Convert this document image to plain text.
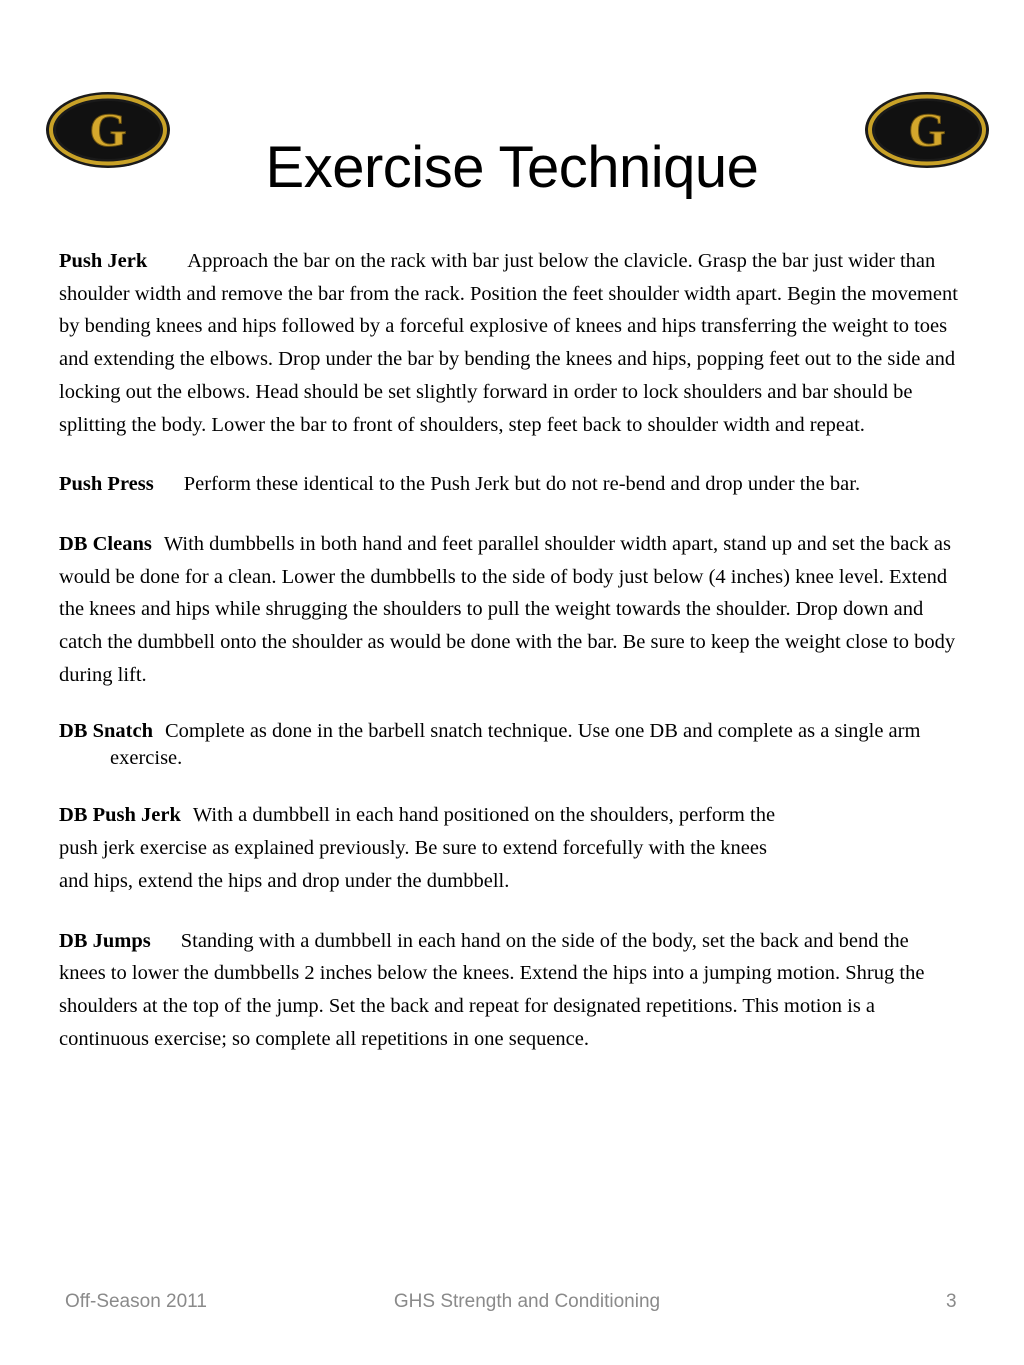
G	G
Exercise Technique
Push Jerk Approach the bar on the rack with bar just below the clavicle. Grasp the bar just wider than shoulder width and remove the bar from the rack. Position the feet shoulder width apart. Begin the movement by bending knees and hips followed by a forceful explosive of knees and hips transferring the weight to toes and extending the elbows. Drop under the bar by bending the knees and hips, popping feet out to the side and locking out the elbows. Head should be set slightly forward in order to lock shoulders and bar should be splitting the body. Lower the bar to front of shoulders, step feet back to shoulder width and repeat.
Push Press Perform these identical to the Push Jerk but do not re-bend and drop under the bar.
DB Cleans With dumbbells in both hand and feet parallel shoulder width apart, stand up and set the back as would be done for a clean. Lower the dumbbells to the side of body just below (4 inches) knee level. Extend the knees and hips while shrugging the shoulders to pull the weight towards the shoulder. Drop down and catch the dumbbell onto the shoulder as would be done with the bar. Be sure to keep the weight close to body during lift.
DB Snatch Complete as done in the barbell snatch technique. Use one DB and complete as a single arm exercise.
DB Push Jerk With a dumbbell in each hand positioned on the shoulders, perform the
push jerk exercise as explained previously. Be sure to extend forcefully with the knees
and hips, extend the hips and drop under the dumbbell.
DB Jumps Standing with a dumbbell in each hand on the side of the body, set the back and bend the knees to lower the dumbbells 2 inches below the knees. Extend the hips into a jumping motion. Shrug the shoulders at the top of the jump. Set the back and repeat for designated repetitions. This motion is a continuous exercise; so complete all repetitions in one sequence.
Off-Season 2011	GHS Strength and Conditioning	3
